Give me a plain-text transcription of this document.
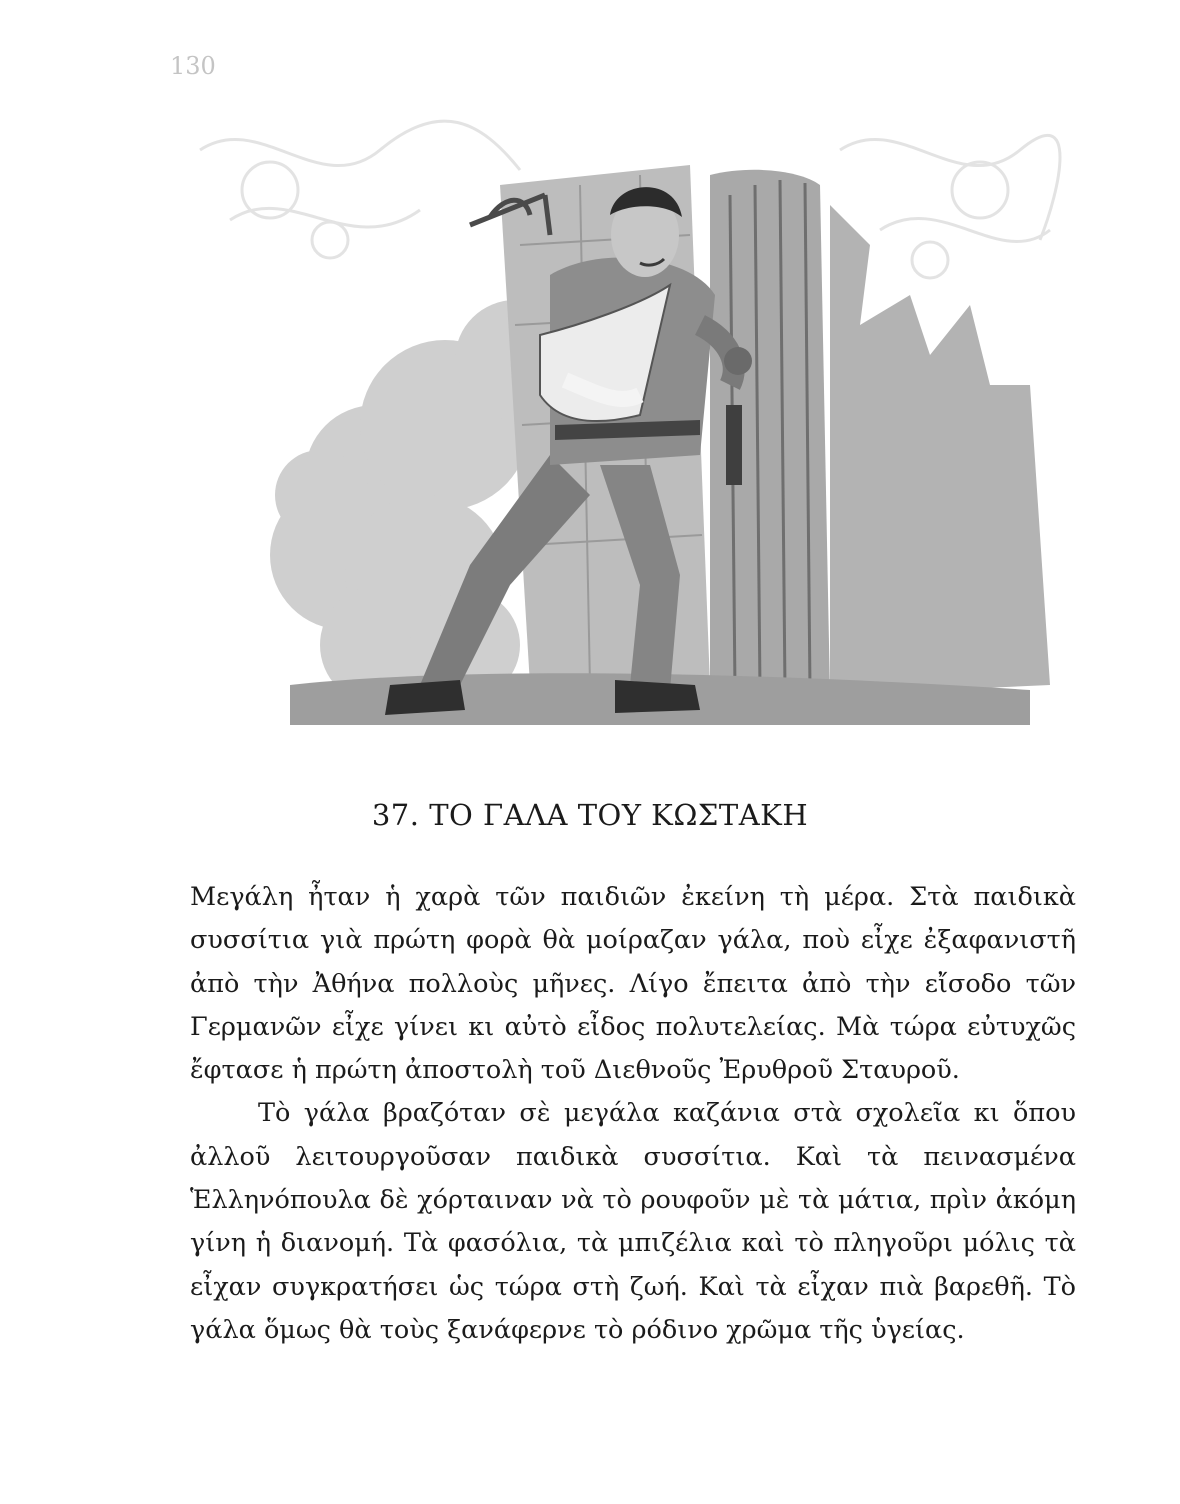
130
37. ΤΟ ΓΑΛΑ ΤΟΥ ΚΩΣΤΑΚΗ

Μεγάλη ἦταν ἡ χαρὰ τῶν παιδιῶν ἐκείνη τὴ μέρα. Στὰ παιδικὰ συσσίτια γιὰ πρώτη φορὰ θὰ μοίραζαν γάλα, ποὺ εἶχε ἐξαφανιστῆ ἀπὸ τὴν Ἀθήνα πολλοὺς μῆνες. Λίγο ἔπειτα ἀπὸ τὴν εἴσοδο τῶν Γερμανῶν εἶχε γίνει κι αὐτὸ εἶδος πολυτελείας. Μὰ τώρα εὐτυχῶς ἔφτασε ἡ πρώτη ἀποστολὴ τοῦ Διεθνοῦς Ἐρυθροῦ Σταυροῦ.

Τὸ γάλα βραζόταν σὲ μεγάλα καζάνια στὰ σχολεῖα κι ὅπου ἀλλοῦ λειτουργοῦσαν παιδικὰ συσσίτια. Καὶ τὰ πεινασμένα Ἑλληνόπουλα δὲ χόρταιναν νὰ τὸ ρουφοῦν μὲ τὰ μάτια, πρὶν ἀκόμη γίνη ἡ διανομή. Τὰ φασόλια, τὰ μπιζέλια καὶ τὸ πληγοῦρι μόλις τὰ εἶχαν συγκρατήσει ὡς τώρα στὴ ζωή. Καὶ τὰ εἶχαν πιὰ βαρεθῆ. Τὸ γάλα ὅμως θὰ τοὺς ξανάφερνε τὸ ρόδινο χρῶμα τῆς ὑγείας.
